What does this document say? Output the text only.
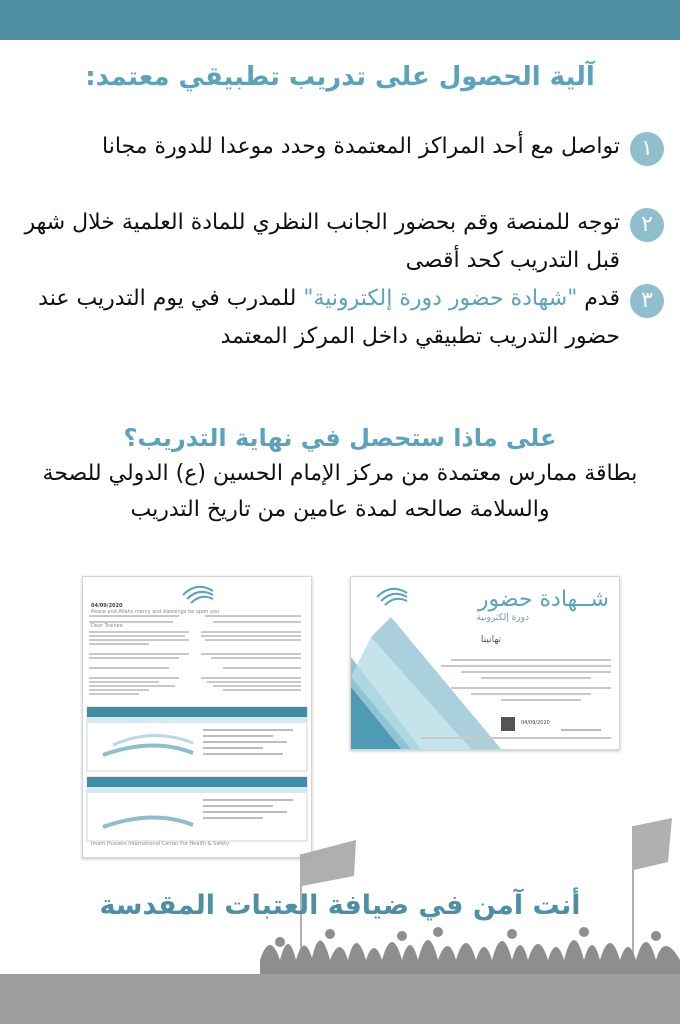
آلية الحصول على تدريب تطبيقي معتمد:
١
تواصل مع أحد المراكز المعتمدة وحدد موعدا للدورة مجانا
٢
توجه للمنصة وقم بحضور الجانب النظري للمادة العلمية خلال شهر قبل التدريب كحد أقصى
٣
قدم "شهادة حضور دورة إلكترونية" للمدرب في يوم التدريب عند حضور التدريب تطبيقي داخل المركز المعتمد
على ماذا ستحصل في نهاية التدريب؟
بطاقة ممارس معتمدة من مركز الإمام الحسين (ع) الدولي للصحة والسلامة صالحه لمدة عامين من تاريخ التدريب
04/09/2020
Peace and Allahs mercy and blessings be upon you
Dear Trainee
Imam Hussein International Center For Health & Safety
شــهادة حضور
دورة إلكترونية
تهانينا
04/09/2020
أنت آمن في ضيافة العتبات المقدسة
